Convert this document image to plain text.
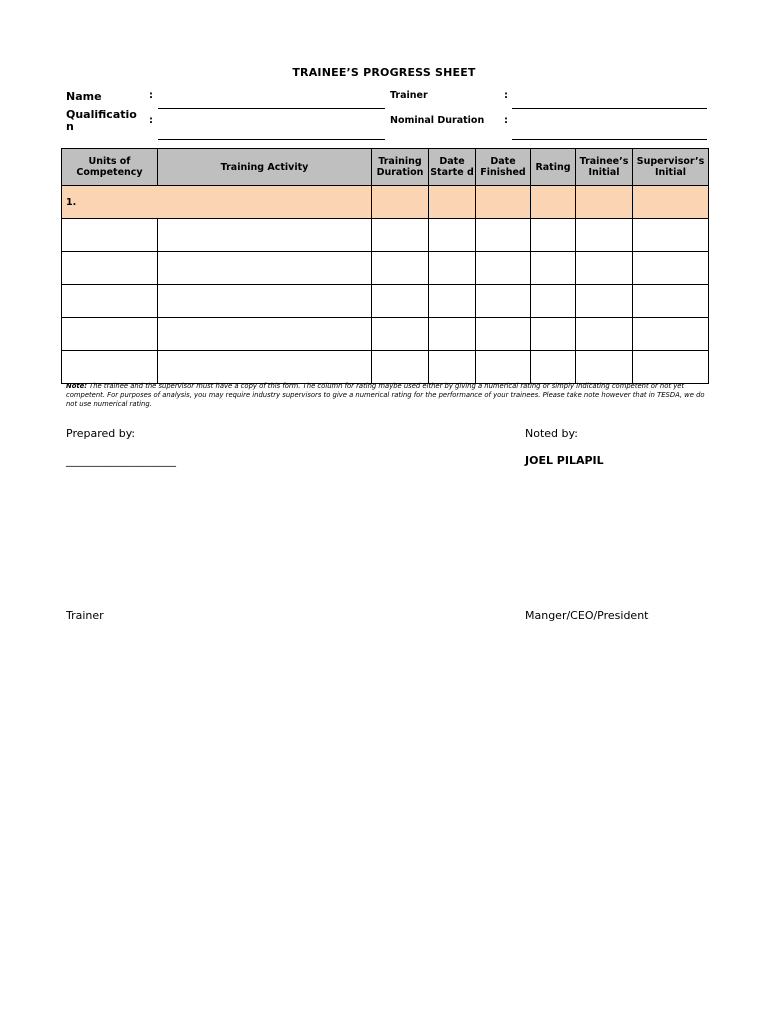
TRAINEE’S PROGRESS SHEET
Name	:
Qualificatio n	:
Trainer	:
Nominal Duration :
Units of Competency	Training Activity	Training Duration	Date Starte d	Date Finished	Rating	Trainee’s Initial	Supervisor’s Initial
1.							

Note: The trainee and the supervisor must have a copy of this form. The column for rating maybe used either by giving a numerical rating or simply indicating competent or not yet competent. For purposes of analysis, you may require industry supervisors to give a numerical rating for the performance of your trainees. Please take note however that in TESDA, we do not use numerical rating.
Prepared by:
____________________
Noted by:
JOEL PILAPIL
Trainer	Manger/CEO/President
